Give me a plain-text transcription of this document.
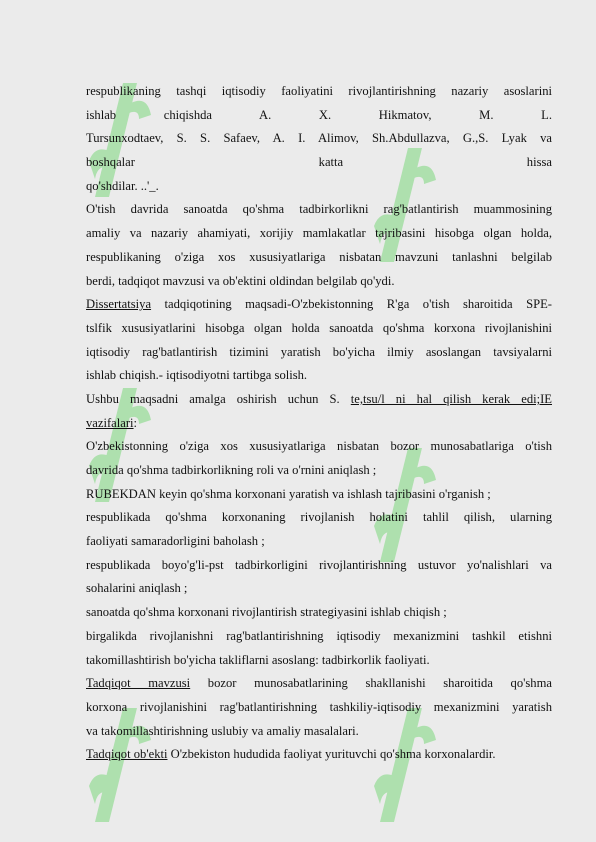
respublikaning tashqi iqtisodiy faoliyatini rivojlantirishning nazariy asoslarini
ishlab chiqishda A. X. Hikmatov, M. L.
Tursunxodtaev, S. S. Safaev, A. I. Alimov, Sh.Abdullazva, G.,S. Lyak va
boshqalar katta hissa
qo'shdilar. ..'_.
O'tish davrida sanoatda qo'shma tadbirkorlikni rag'batlantirish muammosining
amaliy va nazariy ahamiyati, xorijiy mamlakatlar tajribasini hisobga olgan holda,
respublikaning o'ziga xos xususiyatlariga nisbatan mavzuni tanlashni belgilab
berdi, tadqiqot mavzusi va ob'ektini oldindan belgilab qo'ydi.
Dissertatsiya tadqiqotining maqsadi-O'zbekistonning R'ga o'tish sharoitida SPE-
tslfik xususiyatlarini hisobga olgan holda sanoatda qo'shma korxona rivojlanishini
iqtisodiy rag'batlantirish tizimini yaratish bo'yicha ilmiy asoslangan tavsiyalarni
ishlab chiqish.- iqtisodiyotni tartibga solish.
Ushbu maqsadni amalga oshirish uchun S. te,tsu/l ni hal qilish kerak edi;IE
vazifalari:
O'zbekistonning o'ziga xos xususiyatlariga nisbatan bozor munosabatlariga o'tish
davrida qo'shma tadbirkorlikning roli va o'rnini aniqlash ;
RUBEKDAN keyin qo'shma korxonani yaratish va ishlash tajribasini o'rganish ;
respublikada qo'shma korxonaning rivojlanish holatini tahlil qilish, ularning
faoliyati samaradorligini baholash ;
respublikada boyo'g'li-pst tadbirkorligini rivojlantirishning ustuvor yo'nalishlari va
sohalarini aniqlash ;
sanoatda qo'shma korxonani rivojlantirish strategiyasini ishlab chiqish ;
birgalikda rivojlanishni rag'batlantirishning iqtisodiy mexanizmini tashkil etishni
takomillashtirish bo'yicha takliflarni asoslang: tadbirkorlik faoliyati.
Tadqiqot mavzusi bozor munosabatlarining shakllanishi sharoitida qo'shma
korxona rivojlanishini rag'batlantirishning tashkiliy-iqtisodiy mexanizmini yaratish
va takomillashtirishning uslubiy va amaliy masalalari.
Tadqiqot ob'ekti O'zbekiston hududida faoliyat yurituvchi qo'shma korxonalardir.
